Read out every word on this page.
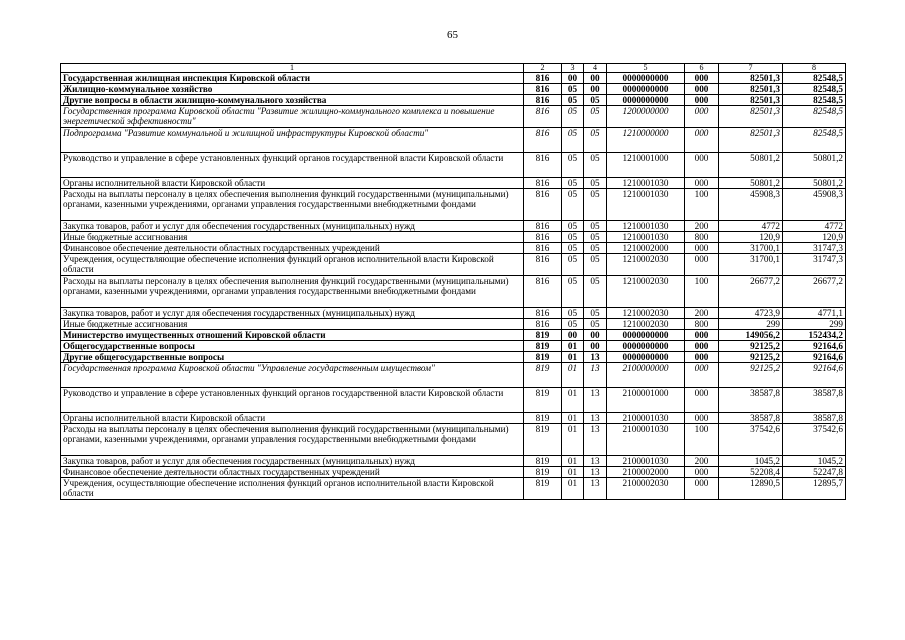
65
1	2	3	4	5	6	7	8
Государственная жилищная инспекция Кировской области	816	00	00	0000000000	000	82501,3	82548,5
Жилищно-коммунальное хозяйство	816	05	00	0000000000	000	82501,3	82548,5
Другие вопросы в области жилищно-коммунального хозяйства	816	05	05	0000000000	000	82501,3	82548,5
Государственная программа Кировской области "Развитие жилищно-коммунального комплекса и повышение энергетической эффективности"	816	05	05	1200000000	000	82501,3	82548,5
Подпрограмма "Развитие коммунальной и жилищной инфраструктуры Кировской области"	816	05	05	1210000000	000	82501,3	82548,5
Руководство и управление в сфере установленных функций органов государственной власти Кировской области	816	05	05	1210001000	000	50801,2	50801,2
Органы исполнительной власти Кировской области	816	05	05	1210001030	000	50801,2	50801,2
Расходы на выплаты персоналу в целях обеспечения выполнения функций государственными (муниципальными) органами, казенными учреждениями, органами управления государственными внебюджетными фондами	816	05	05	1210001030	100	45908,3	45908,3
Закупка товаров, работ и услуг для обеспечения государственных (муниципальных) нужд	816	05	05	1210001030	200	4772	4772
Иные бюджетные ассигнования	816	05	05	1210001030	800	120,9	120,9
Финансовое обеспечение деятельности областных государственных учреждений	816	05	05	1210002000	000	31700,1	31747,3
Учреждения, осуществляющие обеспечение исполнения функций органов исполнительной власти Кировской области	816	05	05	1210002030	000	31700,1	31747,3
Расходы на выплаты персоналу в целях обеспечения выполнения функций государственными (муниципальными) органами, казенными учреждениями, органами управления государственными внебюджетными фондами	816	05	05	1210002030	100	26677,2	26677,2
Закупка товаров, работ и услуг для обеспечения государственных (муниципальных) нужд	816	05	05	1210002030	200	4723,9	4771,1
Иные бюджетные ассигнования	816	05	05	1210002030	800	299	299
Министерство имущественных отношений Кировской области	819	00	00	0000000000	000	149056,2	152434,2
Общегосударственные вопросы	819	01	00	0000000000	000	92125,2	92164,6
Другие общегосударственные вопросы	819	01	13	0000000000	000	92125,2	92164,6
Государственная программа Кировской области "Управление государственным имуществом"	819	01	13	2100000000	000	92125,2	92164,6
Руководство и управление в сфере установленных функций органов государственной власти Кировской области	819	01	13	2100001000	000	38587,8	38587,8
Органы исполнительной власти Кировской области	819	01	13	2100001030	000	38587,8	38587,8
Расходы на выплаты персоналу в целях обеспечения выполнения функций государственными (муниципальными) органами, казенными учреждениями, органами управления государственными внебюджетными фондами	819	01	13	2100001030	100	37542,6	37542,6
Закупка товаров, работ и услуг для обеспечения государственных (муниципальных) нужд	819	01	13	2100001030	200	1045,2	1045,2
Финансовое обеспечение деятельности областных государственных учреждений	819	01	13	2100002000	000	52208,4	52247,8
Учреждения, осуществляющие обеспечение исполнения функций органов исполнительной власти Кировской области	819	01	13	2100002030	000	12890,5	12895,7
